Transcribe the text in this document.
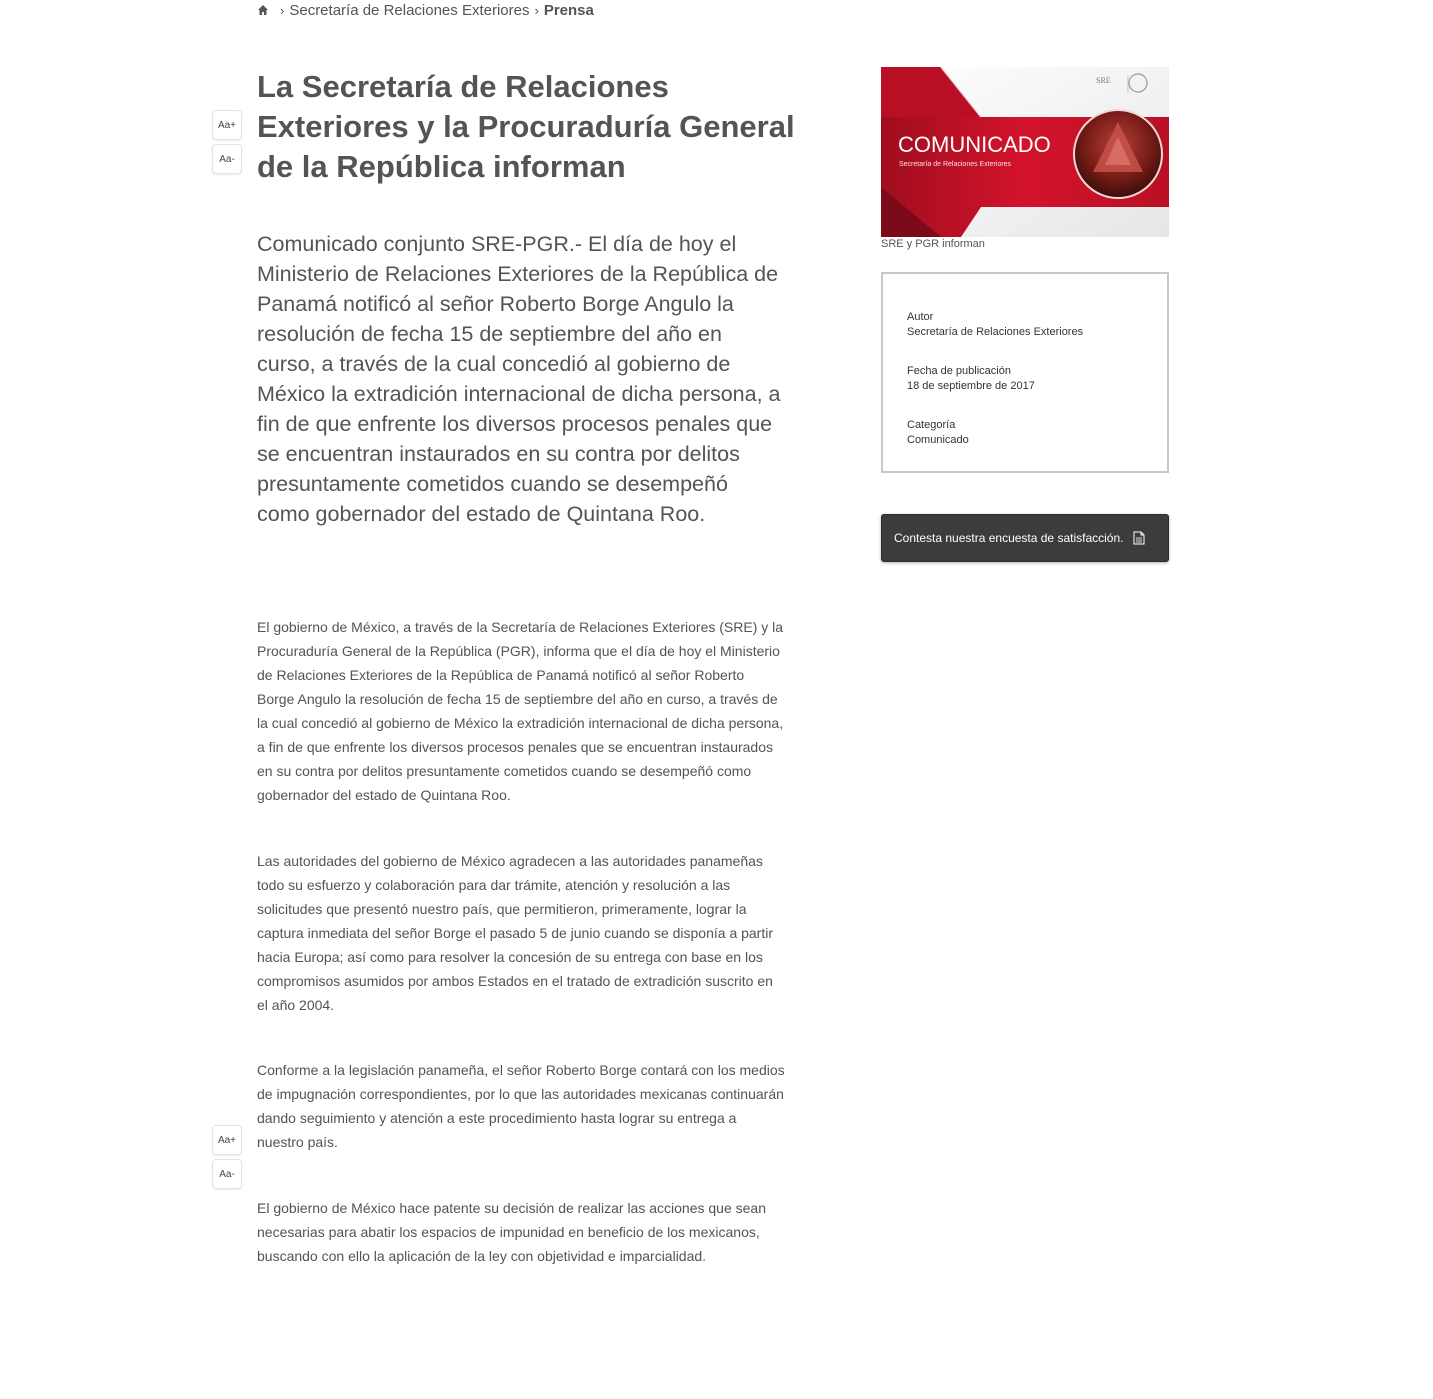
› Secretaría de Relaciones Exteriores › Prensa
Aa+
Aa-
Aa+
Aa-
La Secretaría de Relaciones Exteriores y la Procuraduría General de la República informan

Comunicado conjunto SRE-PGR.- El día de hoy el Ministerio de Relaciones Exteriores de la República de Panamá notificó al señor Roberto Borge Angulo la resolución de fecha 15 de septiembre del año en curso, a través de la cual concedió al gobierno de México la extradición internacional de dicha persona, a fin de que enfrente los diversos procesos penales que se encuentran instaurados en su contra por delitos presuntamente cometidos cuando se desempeñó como gobernador del estado de Quintana Roo.

El gobierno de México, a través de la Secretaría de Relaciones Exteriores (SRE) y la Procuraduría General de la República (PGR), informa que el día de hoy el Ministerio de Relaciones Exteriores de la República de Panamá notificó al señor Roberto Borge Angulo la resolución de fecha 15 de septiembre del año en curso, a través de la cual concedió al gobierno de México la extradición internacional de dicha persona, a fin de que enfrente los diversos procesos penales que se encuentran instaurados en su contra por delitos presuntamente cometidos cuando se desempeñó como gobernador del estado de Quintana Roo.

Las autoridades del gobierno de México agradecen a las autoridades panameñas todo su esfuerzo y colaboración para dar trámite, atención y resolución a las solicitudes que presentó nuestro país, que permitieron, primeramente, lograr la captura inmediata del señor Borge el pasado 5 de junio cuando se disponía a partir hacia Europa; así como para resolver la concesión de su entrega con base en los compromisos asumidos por ambos Estados en el tratado de extradición suscrito en el año 2004.

Conforme a la legislación panameña, el señor Roberto Borge contará con los medios de impugnación correspondientes, por lo que las autoridades mexicanas continuarán dando seguimiento y atención a este procedimiento hasta lograr su entrega a nuestro país.

El gobierno de México hace patente su decisión de realizar las acciones que sean necesarias para abatir los espacios de impunidad en beneficio de los mexicanos, buscando con ello la aplicación de la ley con objetividad e imparcialidad.

COMUNICADO
Secretaría de Relaciones Exteriores
SRE
SRE y PGR informan
Autor
Secretaría de Relaciones Exteriores
Fecha de publicación
18 de septiembre de 2017
Categoría
Comunicado
Contesta nuestra encuesta de satisfacción.
